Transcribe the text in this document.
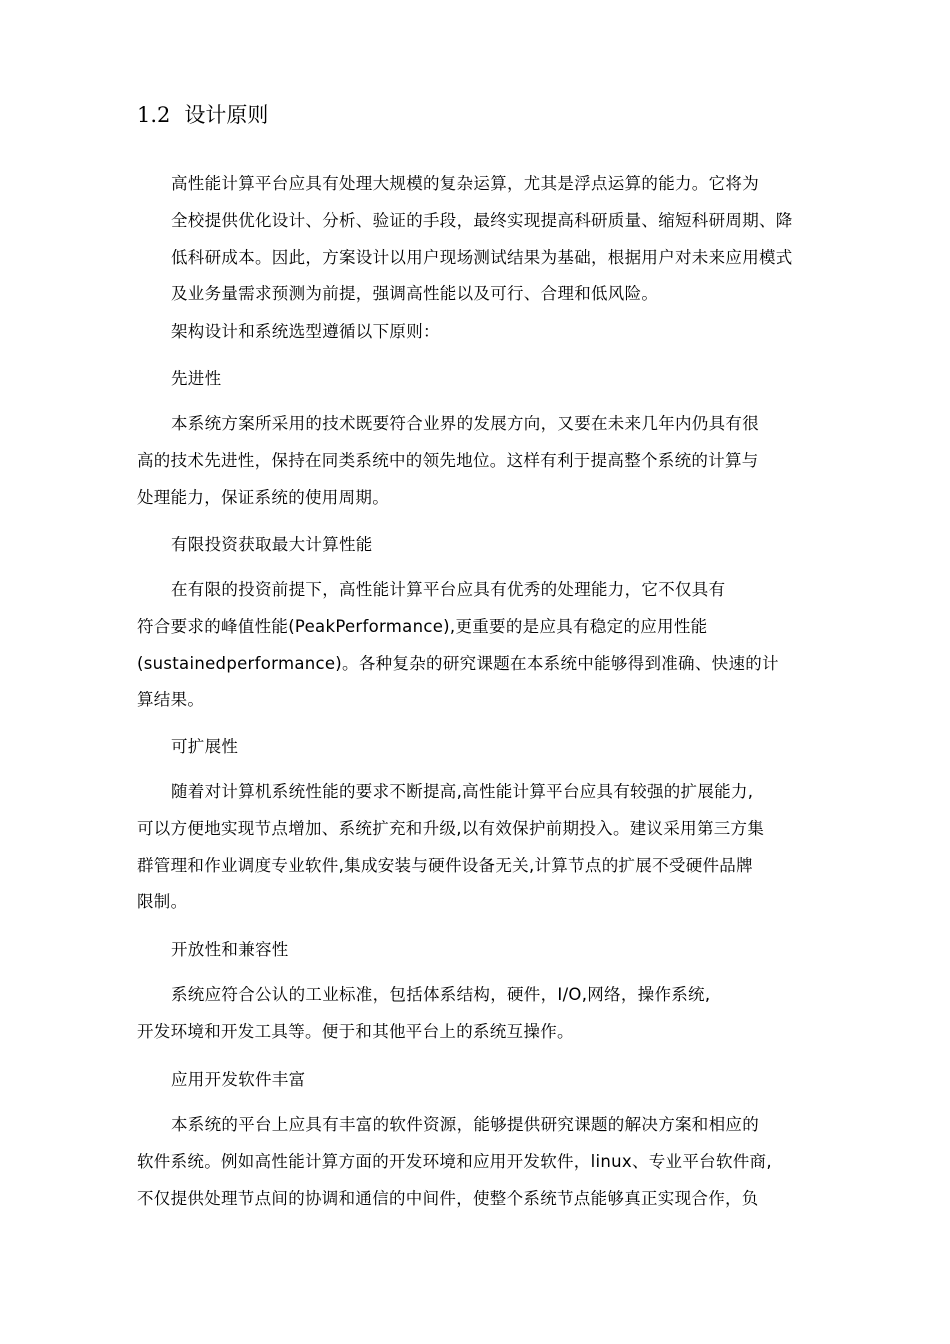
1.2 设计原则
高性能计算平台应具有处理大规模的复杂运算，尤其是浮点运算的能力。它将为
全校提供优化设计、分析、验证的手段，最终实现提高科研质量、缩短科研周期、降
低科研成本。因此，方案设计以用户现场测试结果为基础，根据用户对未来应用模式
及业务量需求预测为前提，强调高性能以及可行、合理和低风险。
架构设计和系统选型遵循以下原则：
先进性
本系统方案所采用的技术既要符合业界的发展方向，又要在未来几年内仍具有很
高的技术先进性，保持在同类系统中的领先地位。这样有利于提高整个系统的计算与
处理能力，保证系统的使用周期。
有限投资获取最大计算性能
在有限的投资前提下，高性能计算平台应具有优秀的处理能力，它不仅具有
符合要求的峰值性能(PeakPerformance),更重要的是应具有稳定的应用性能
(sustainedperformance)。各种复杂的研究课题在本系统中能够得到准确、快速的计
算结果。
可扩展性
随着对计算机系统性能的要求不断提高,高性能计算平台应具有较强的扩展能力,
可以方便地实现节点增加、系统扩充和升级,以有效保护前期投入。建议采用第三方集
群管理和作业调度专业软件,集成安装与硬件设备无关,计算节点的扩展不受硬件品牌
限制。
开放性和兼容性
系统应符合公认的工业标准，包括体系结构，硬件，I/O,网络，操作系统,
开发环境和开发工具等。便于和其他平台上的系统互操作。
应用开发软件丰富
本系统的平台上应具有丰富的软件资源，能够提供研究课题的解决方案和相应的
软件系统。例如高性能计算方面的开发环境和应用开发软件，linux、专业平台软件商,
不仅提供处理节点间的协调和通信的中间件，使整个系统节点能够真正实现合作，负
